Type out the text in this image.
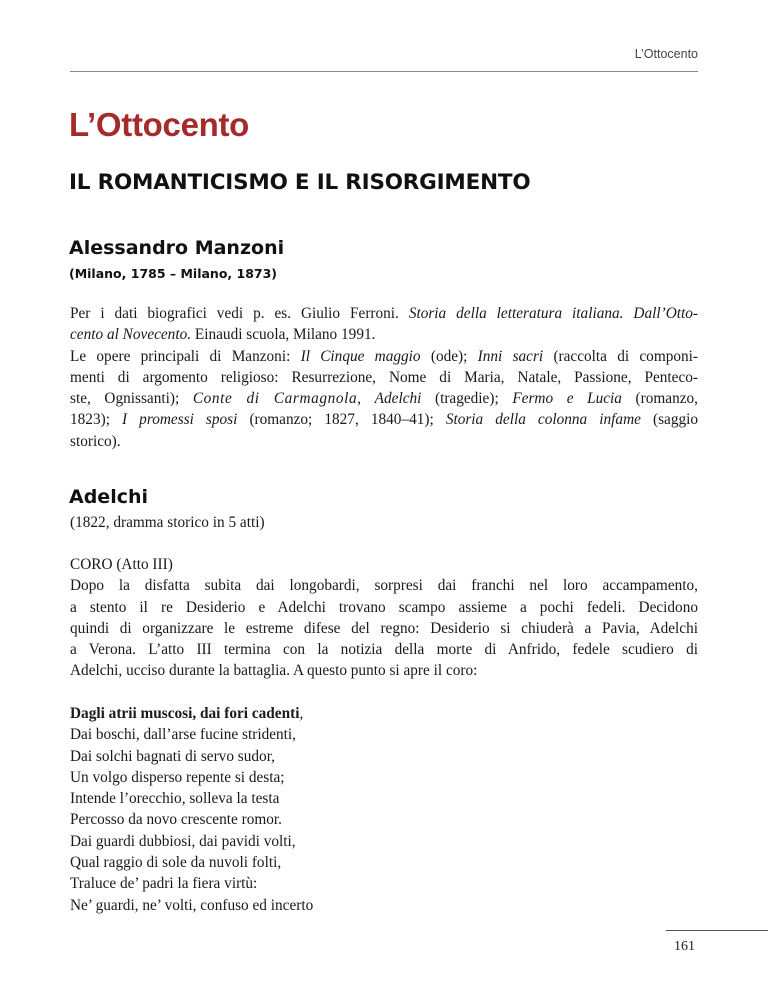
L’Ottocento
L’Ottocento
IL ROMANTICISMO E IL RISORGIMENTO
Alessandro Manzoni
(Milano, 1785 – Milano, 1873)
Per i dati biografici vedi p. es. Giulio Ferroni. Storia della letteratura italiana. Dall’Otto-
cento al Novecento. Einaudi scuola, Milano 1991.
Le opere principali di Manzoni: Il Cinque maggio (ode); Inni sacri (raccolta di componi-
menti di argomento religioso: Resurrezione, Nome di Maria, Natale, Passione, Penteco-
ste, Ognissanti); Conte di Carmagnola, Adelchi (tragedie); Fermo e Lucia (romanzo,
1823); I promessi sposi (romanzo; 1827, 1840–41); Storia della colonna infame (saggio
storico).
Adelchi
(1822, dramma storico in 5 atti)
CORO (Atto III)
Dopo la disfatta subita dai longobardi, sorpresi dai franchi nel loro accampamento,
a stento il re Desiderio e Adelchi trovano scampo assieme a pochi fedeli. Decidono
quindi di organizzare le estreme difese del regno: Desiderio si chiuderà a Pavia, Adelchi
a Verona. L’atto III termina con la notizia della morte di Anfrido, fedele scudiero di
Adelchi, ucciso durante la battaglia. A questo punto si apre il coro:
Dagli atrii muscosi, dai fori cadenti,
Dai boschi, dall’arse fucine stridenti,
Dai solchi bagnati di servo sudor,
Un volgo disperso repente si desta;
Intende l’orecchio, solleva la testa
Percosso da novo crescente romor.
Dai guardi dubbiosi, dai pavidi volti,
Qual raggio di sole da nuvoli folti,
Traluce de’ padri la fiera virtù:
Ne’ guardi, ne’ volti, confuso ed incerto
161
